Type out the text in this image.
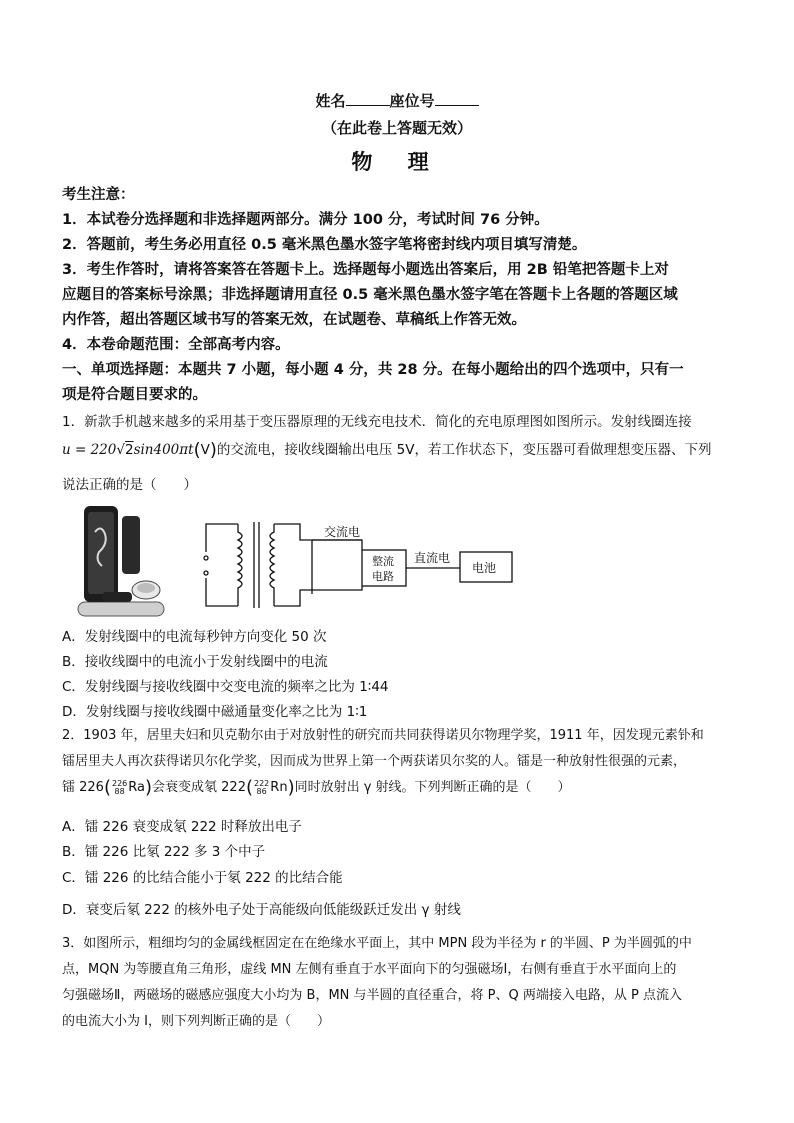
姓名	座位号
（在此卷上答题无效）
物 理
考生注意：
1．本试卷分选择题和非选择题两部分。满分 100 分，考试时间 76 分钟。
2．答题前，考生务必用直径 0.5 毫米黑色墨水签字笔将密封线内项目填写清楚。
3．考生作答时，请将答案答在答题卡上。选择题每小题选出答案后，用 2B 铅笔把答题卡上对
应题目的答案标号涂黑；非选择题请用直径 0.5 毫米黑色墨水签字笔在答题卡上各题的答题区域
内作答，超出答题区域书写的答案无效，在试题卷、草稿纸上作答无效。
4．本卷命题范围：全部高考内容。
一、单项选择题：本题共 7 小题，每小题 4 分，共 28 分。在每小题给出的四个选项中，只有一
项是符合题目要求的。
1．新款手机越来越多的采用基于变压器原理的无线充电技术．简化的充电原理图如图所示。发射线圈连接
u = 220√2sin400πt(V)的交流电，接收线圈输出电压 5V，若工作状态下，变压器可看做理想变压器、下列
说法正确的是（　　）
交流电
整流
电路
直流电
电池
A．发射线圈中的电流每秒钟方向变化 50 次
B．接收线圈中的电流小于发射线圈中的电流
C．发射线圈与接收线圈中交变电流的频率之比为 1∶44
D．发射线圈与接收线圈中磁通量变化率之比为 1∶1
2．1903 年，居里夫妇和贝克勒尔由于对放射性的研究而共同获得诺贝尔物理学奖，1911 年，因发现元素钋和
镭居里夫人再次获得诺贝尔化学奖，因而成为世界上第一个两获诺贝尔奖的人。镭是一种放射性很强的元素，
镭 226( 226
88 Ra)会衰变成氡 222( 222
86 Rn)同时放射出 γ 射线。下列判断正确的是（　　）
A．镭 226 衰变成氡 222 时释放出电子
B．镭 226 比氡 222 多 3 个中子
C．镭 226 的比结合能小于氡 222 的比结合能
D．衰变后氡 222 的核外电子处于高能级向低能级跃迁发出 γ 射线
3．如图所示，粗细均匀的金属线框固定在在绝缘水平面上，其中 MPN 段为半径为 r 的半圆、P 为半圆弧的中
点，MQN 为等腰直角三角形，虚线 MN 左侧有垂直于水平面向下的匀强磁场Ⅰ，右侧有垂直于水平面向上的
匀强磁场Ⅱ，两磁场的磁感应强度大小均为 B，MN 与半圆的直径重合，将 P、Q 两端接入电路，从 P 点流入
的电流大小为 I，则下列判断正确的是（　　）
